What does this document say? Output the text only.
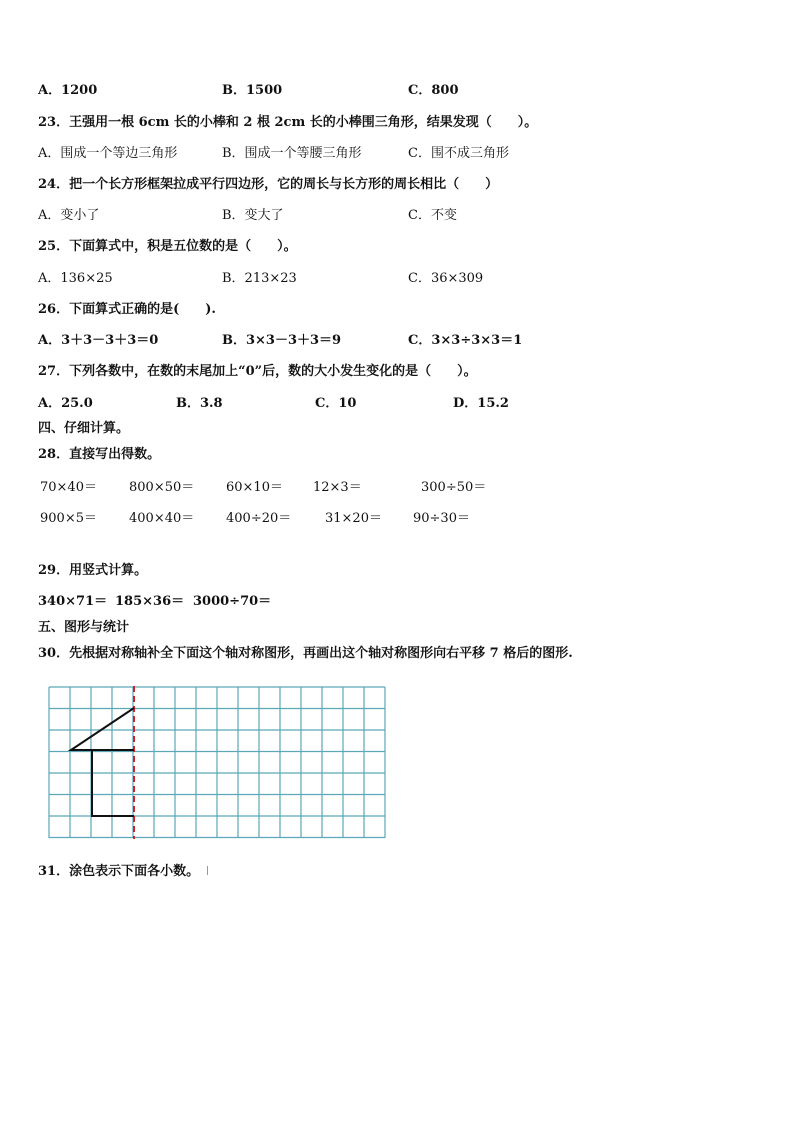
A．1200	B．1500	C．800
23．王强用一根 6cm 长的小棒和 2 根 2cm 长的小棒围三角形，结果发现（　　）。
A．围成一个等边三角形	B．围成一个等腰三角形	C．围不成三角形
24．把一个长方形框架拉成平行四边形，它的周长与长方形的周长相比（　　）
A．变小了	B．变大了	C．不变
25．下面算式中，积是五位数的是（　　）。
A．136×25	B．213×23	C．36×309
26．下面算式正确的是(　　).
A．3＋3－3＋3＝0	B．3×3－3＋3＝9	C．3×3÷3×3＝1
27．下列各数中，在数的末尾加上“0”后，数的大小发生变化的是（　　）。
A．25.0	B．3.8	C．10	D．15.2
四、仔细计算。
28．直接写出得数。
70×40＝ 800×50＝ 60×10＝ 12×3＝	300÷50＝
900×5＝ 400×40＝ 400÷20＝	31×20＝ 90÷30＝
29．用竖式计算。
340×71＝ 185×36＝ 3000÷70＝
五、图形与统计
30．先根据对称轴补全下面这个轴对称图形，再画出这个轴对称图形向右平移 7 格后的图形.
31．涂色表示下面各小数。
